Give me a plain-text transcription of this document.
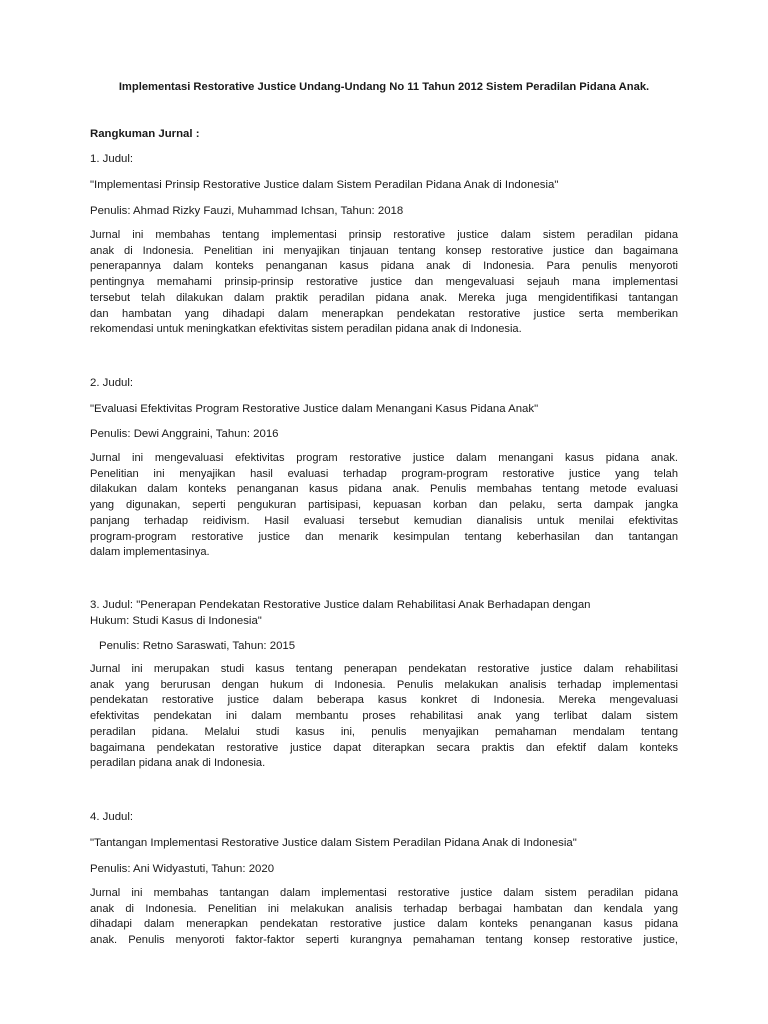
Implementasi Restorative Justice Undang-Undang No 11 Tahun 2012 Sistem Peradilan Pidana Anak.

Rangkuman Jurnal :

1. Judul:

"Implementasi Prinsip Restorative Justice dalam Sistem Peradilan Pidana Anak di Indonesia"

Penulis: Ahmad Rizky Fauzi, Muhammad Ichsan, Tahun: 2018

Jurnal ini membahas tentang implementasi prinsip restorative justice dalam sistem peradilan pidana
anak di Indonesia. Penelitian ini menyajikan tinjauan tentang konsep restorative justice dan bagaimana
penerapannya dalam konteks penanganan kasus pidana anak di Indonesia. Para penulis menyoroti
pentingnya memahami prinsip-prinsip restorative justice dan mengevaluasi sejauh mana implementasi
tersebut telah dilakukan dalam praktik peradilan pidana anak. Mereka juga mengidentifikasi tantangan
dan hambatan yang dihadapi dalam menerapkan pendekatan restorative justice serta memberikan
rekomendasi untuk meningkatkan efektivitas sistem peradilan pidana anak di Indonesia.

2. Judul:

"Evaluasi Efektivitas Program Restorative Justice dalam Menangani Kasus Pidana Anak"

Penulis: Dewi Anggraini, Tahun: 2016

Jurnal ini mengevaluasi efektivitas program restorative justice dalam menangani kasus pidana anak.
Penelitian ini menyajikan hasil evaluasi terhadap program-program restorative justice yang telah
dilakukan dalam konteks penanganan kasus pidana anak. Penulis membahas tentang metode evaluasi
yang digunakan, seperti pengukuran partisipasi, kepuasan korban dan pelaku, serta dampak jangka
panjang terhadap reidivism. Hasil evaluasi tersebut kemudian dianalisis untuk menilai efektivitas
program-program restorative justice dan menarik kesimpulan tentang keberhasilan dan tantangan
dalam implementasinya.

3. Judul: "Penerapan Pendekatan Restorative Justice dalam Rehabilitasi Anak Berhadapan dengan

Hukum: Studi Kasus di Indonesia"

Penulis: Retno Saraswati, Tahun: 2015

Jurnal ini merupakan studi kasus tentang penerapan pendekatan restorative justice dalam rehabilitasi
anak yang berurusan dengan hukum di Indonesia. Penulis melakukan analisis terhadap implementasi
pendekatan restorative justice dalam beberapa kasus konkret di Indonesia. Mereka mengevaluasi
efektivitas pendekatan ini dalam membantu proses rehabilitasi anak yang terlibat dalam sistem
peradilan pidana. Melalui studi kasus ini, penulis menyajikan pemahaman mendalam tentang
bagaimana pendekatan restorative justice dapat diterapkan secara praktis dan efektif dalam konteks
peradilan pidana anak di Indonesia.

4. Judul:

"Tantangan Implementasi Restorative Justice dalam Sistem Peradilan Pidana Anak di Indonesia"

Penulis: Ani Widyastuti, Tahun: 2020

Jurnal ini membahas tantangan dalam implementasi restorative justice dalam sistem peradilan pidana
anak di Indonesia. Penelitian ini melakukan analisis terhadap berbagai hambatan dan kendala yang
dihadapi dalam menerapkan pendekatan restorative justice dalam konteks penanganan kasus pidana
anak. Penulis menyoroti faktor-faktor seperti kurangnya pemahaman tentang konsep restorative justice,
